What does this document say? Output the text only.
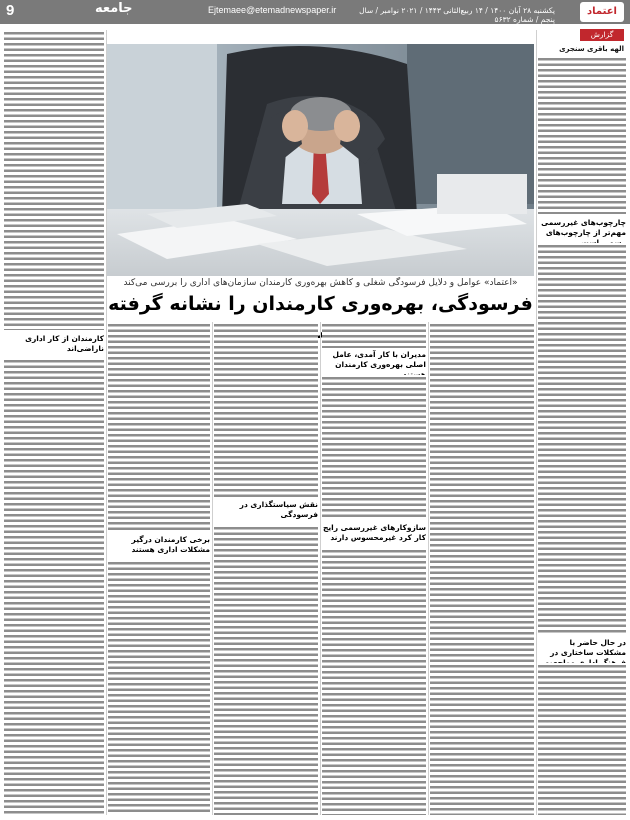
9	جامعه	Ejtemaee@etemadnewspaper.ir	یکشنبه ۲۸ آبان ۱۴۰۰ / ۱۴ ربیع‌الثانی ۱۴۴۳ / ۲۰۲۱ نوامبر / سال پنجم / شماره ۵۶۳۲
اعتماد
گزارش
الهه باقری سنجری
چارچوب‌های غیررسمی مهم‌تر از چارچوب‌های
در حال حاضر با مشکلات ساختاری در
«اعتماد» عوامل و دلایل فرسودگی شغلی و کاهش بهره‌وری کارمندان سازمان‌های اداری را بررسی می‌کند
فرسودگی، بهره‌وری کارمندان را نشانه گرفته
کارمندان از کار اداری ناراضی‌اند
مدیران با کار آمدی، عامل اصلی بهره‌وری کارمندان
سازوکارهای غیررسمی رایج کار کرد غیرمحسوس دارند
نقش سیاستگذاری در فرسودگی
برخی کارمندان درگیر مشکلات اداری هستند
